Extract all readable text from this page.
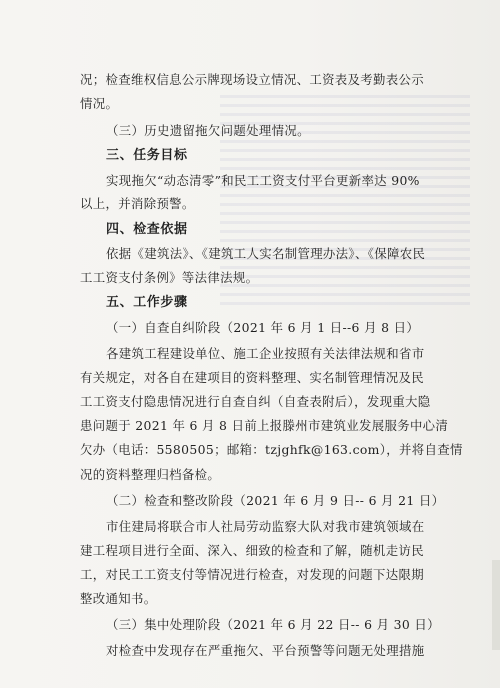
况；检查维权信息公示牌现场设立情况、工资表及考勤表公示
情况。
（三）历史遗留拖欠问题处理情况。
三、任务目标
实现拖欠“动态清零”和民工工资支付平台更新率达 90%
以上，并消除预警。
四、检查依据
依据《建筑法》、《建筑工人实名制管理办法》、《保障农民
工工资支付条例》等法律法规。
五、工作步骤
（一）自查自纠阶段（2021 年 6 月 1 日--6 月 8 日）
各建筑工程建设单位、施工企业按照有关法律法规和省市
有关规定，对各自在建项目的资料整理、实名制管理情况及民
工工资支付隐患情况进行自查自纠（自查表附后），发现重大隐
患问题于 2021 年 6 月 8 日前上报滕州市建筑业发展服务中心清
欠办（电话：5580505；邮箱：tzjghfk@163.com），并将自查情
况的资料整理归档备检。
（二）检查和整改阶段（2021 年 6 月 9 日-- 6 月 21 日）
市住建局将联合市人社局劳动监察大队对我市建筑领域在
建工程项目进行全面、深入、细致的检查和了解，随机走访民
工，对民工工资支付等情况进行检查，对发现的问题下达限期
整改通知书。
（三）集中处理阶段（2021 年 6 月 22 日-- 6 月 30 日）
对检查中发现存在严重拖欠、平台预警等问题无处理措施
